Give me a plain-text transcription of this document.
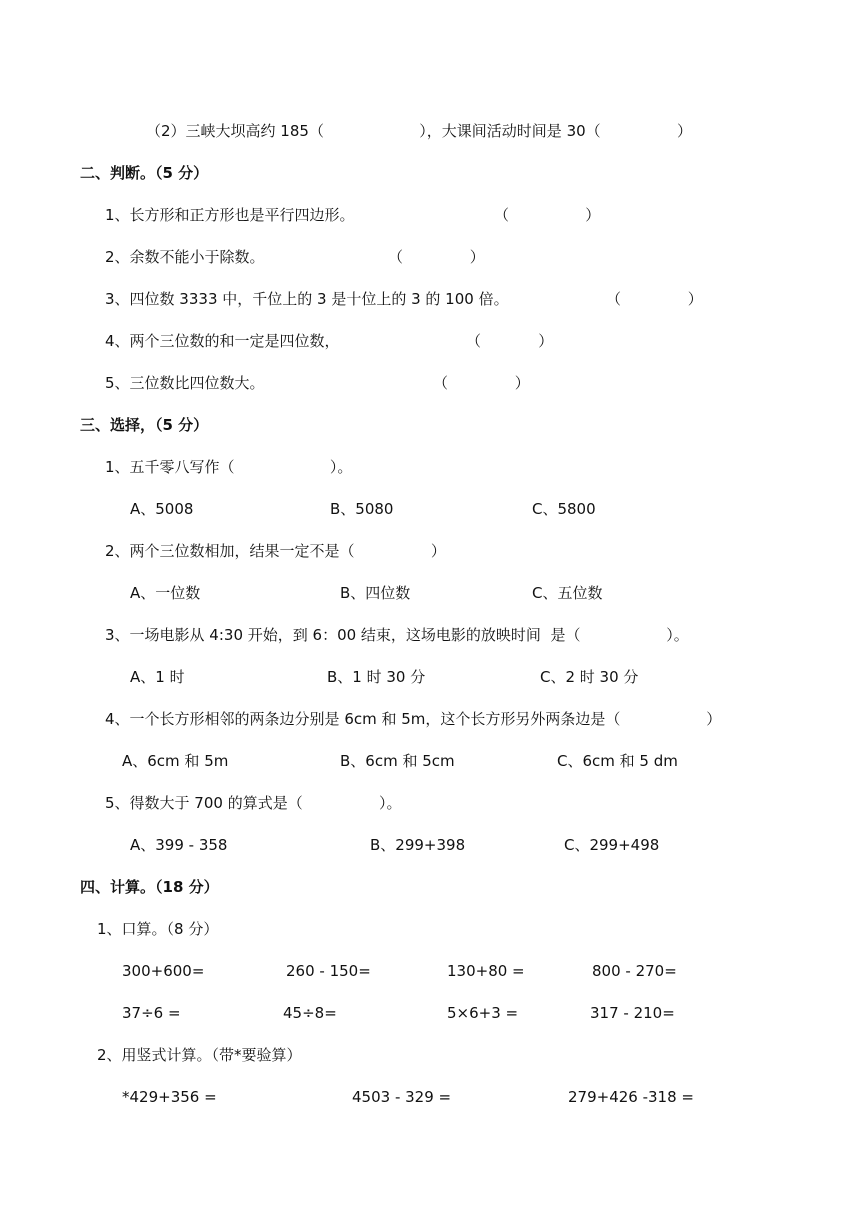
（2）三峡大坝高约 185（                    ），大课间活动时间是 30（                ）
二、判断。（5 分）
1、长方形和正方形也是平行四边形。	（                ）
2、余数不能小于除数。	（              ）
3、四位数 3333 中，千位上的 3 是十位上的 3 的 100 倍。	（              ）
4、两个三位数的和一定是四位数，	（            ）
5、三位数比四位数大。	（              ）
三、选择，（5 分）
1、五千零八写作（                    ）。
A、5008	B、5080	C、5800
2、两个三位数相加，结果一定不是（                ）
A、一位数	B、四位数	C、五位数
3、一场电影从 4:30 开始，到 6：00 结束，这场电影的放映时间  是（                  ）。
A、1 时	B、1 时 30 分	C、2 时 30 分
4、一个长方形相邻的两条边分别是 6cm 和 5m，这个长方形另外两条边是（                  ）
A、6cm 和 5m	B、6cm 和 5cm	C、6cm 和 5 dm
5、得数大于 700 的算式是（                ）。
A、399 - 358	B、299+398	C、299+498
四、计算。（18 分）
1、口算。（8 分）
300+600=	260 - 150=	130+80 =	800 - 270=
37÷6 =	45÷8=	5×6+3 =	317 - 210=
2、用竖式计算。（带*要验算）
*429+356 =	4503 - 329 =	279+426 -318 =
